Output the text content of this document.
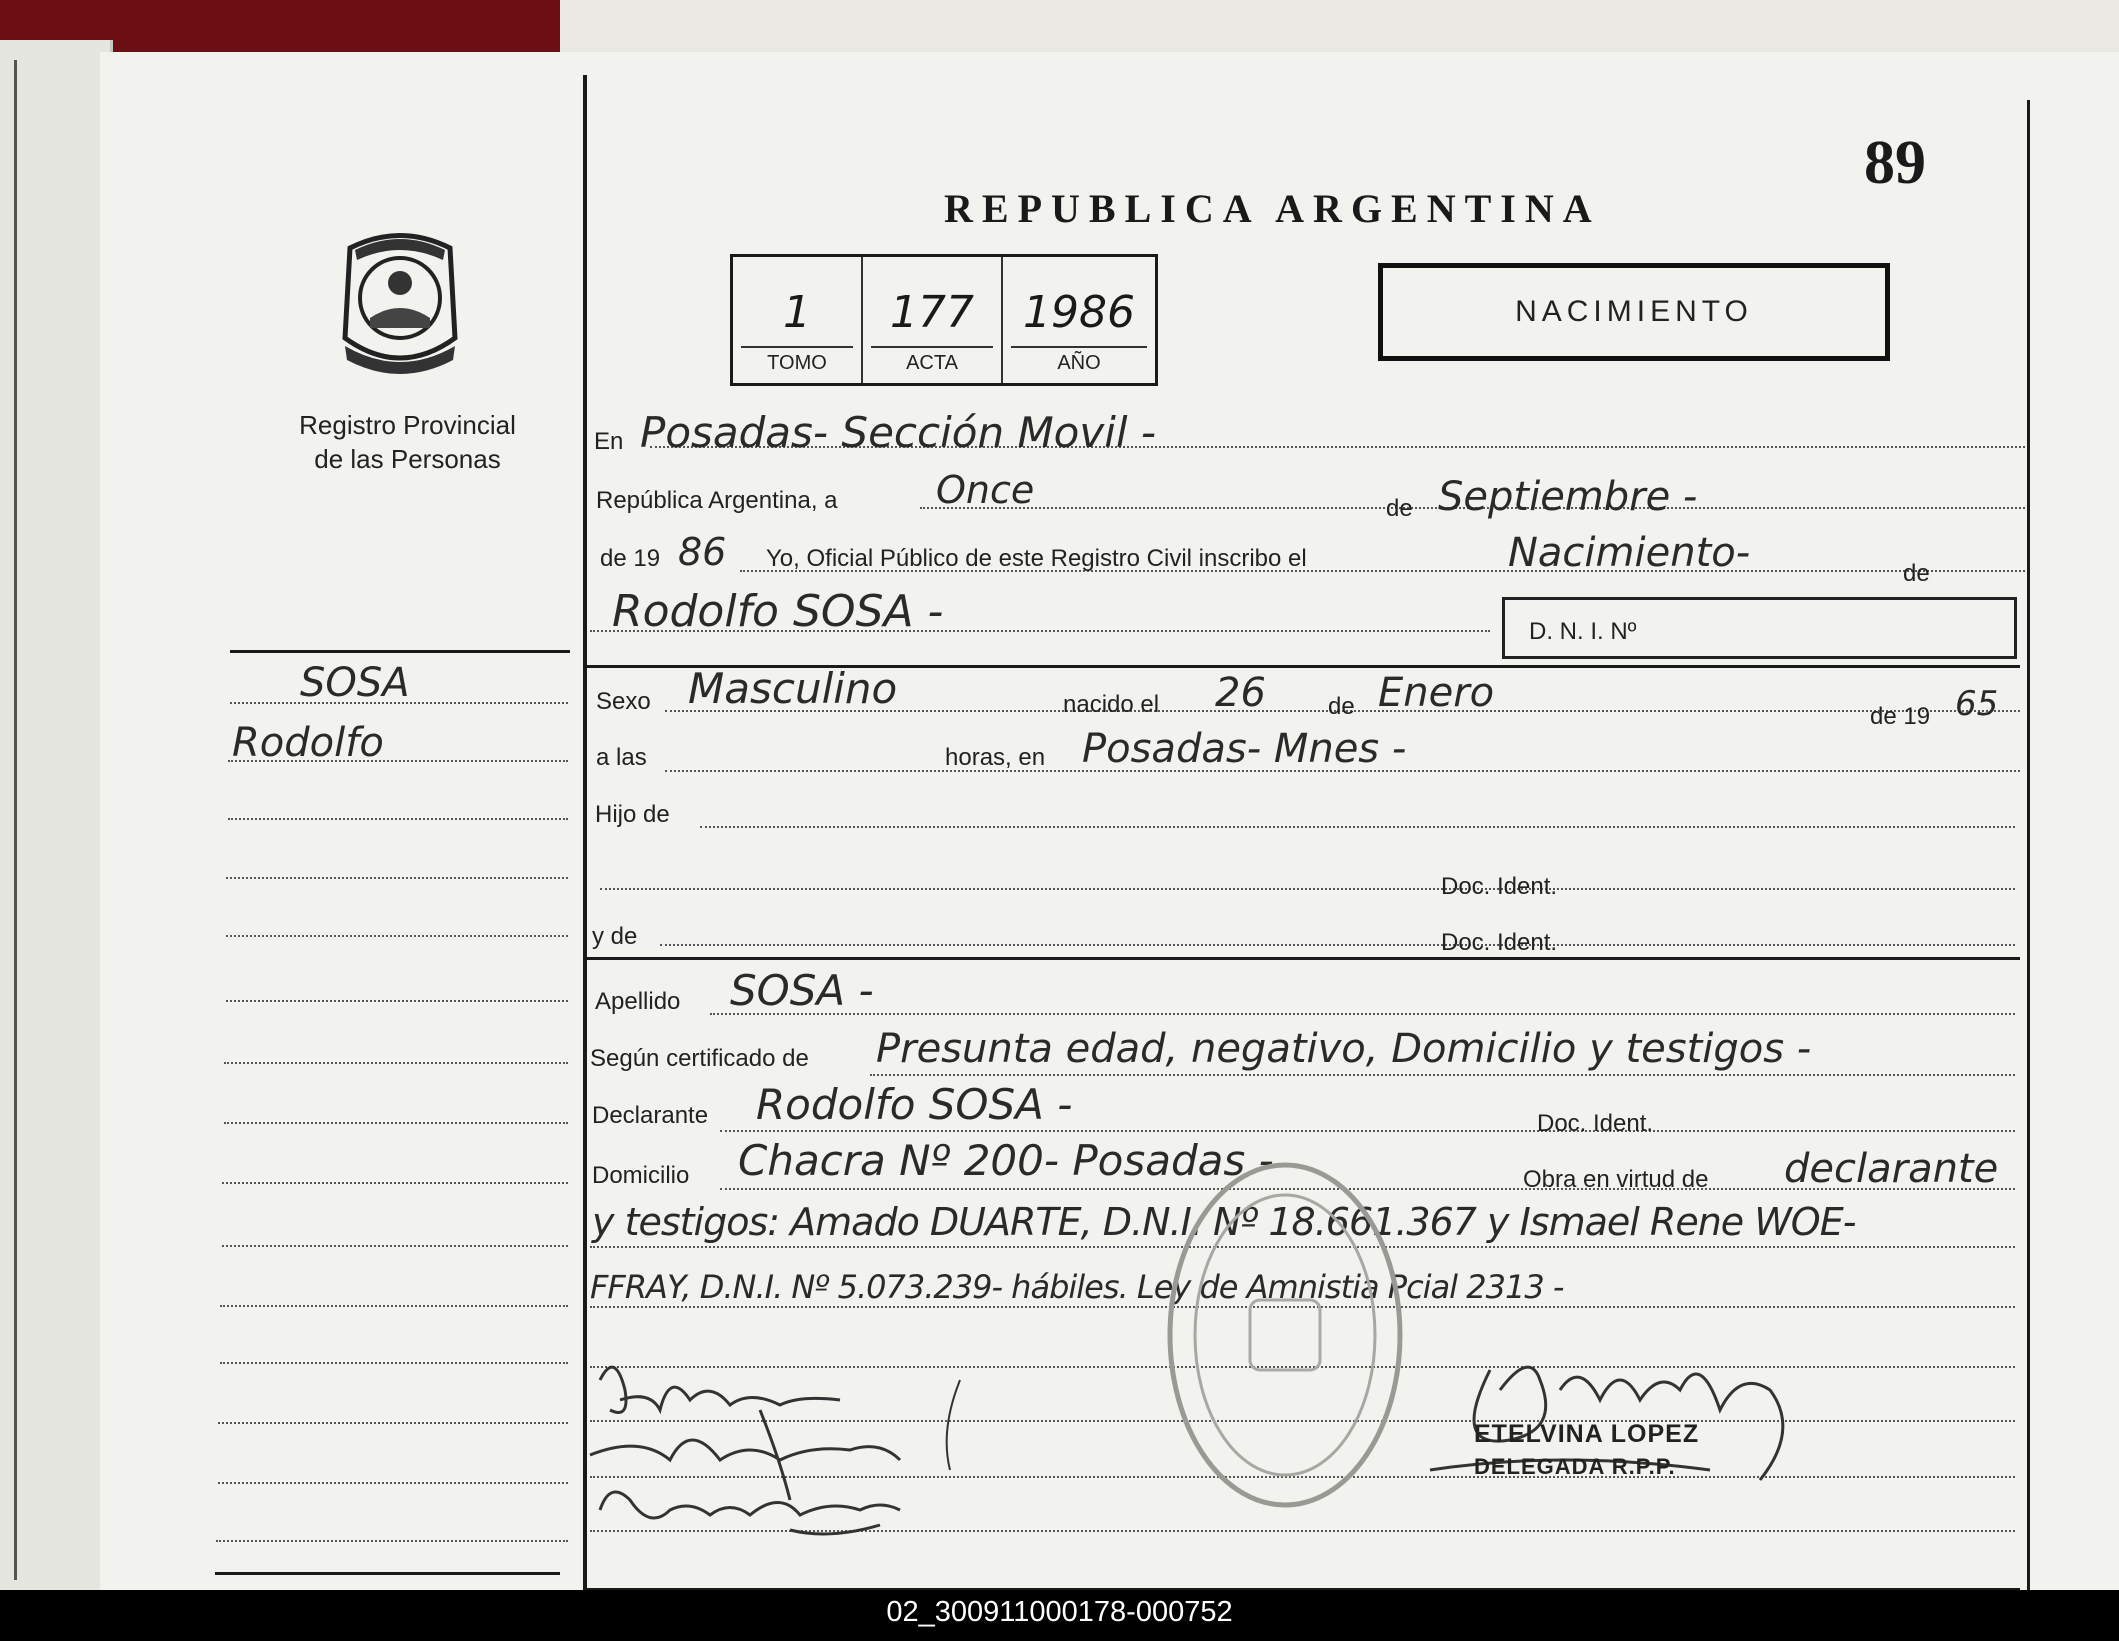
89
REPUBLICA ARGENTINA
1
TOMO
177
ACTA
1986
AÑO
NACIMIENTO
Registro Provincial
de las Personas
SOSA
Rodolfo
En Posadas- Sección Movil -
República Argentina, a	Once	de Septiembre -
de 19 86 Yo, Oficial Público de este Registro Civil inscribo el	Nacimiento-	de
Rodolfo SOSA -	D. N. I. Nº
Sexo Masculino	nacido el 26	de Enero
de 19 65
a las	horas, en Posadas- Mnes -
Hijo de
Doc. Ident.
y de	Doc. Ident.
Apellido SOSA -
Según certificado de Presunta edad, negativo, Domicilio y testigos -
Declarante Rodolfo SOSA -	Doc. Ident.
Domicilio Chacra Nº 200- Posadas -	Obra en virtud de declarante
y testigos: Amado DUARTE, D.N.I. Nº 18.661.367 y Ismael Rene WOE-
FFRAY, D.N.I. Nº 5.073.239- hábiles. Ley de Amnistia Pcial 2313 -
ETELVINA LOPEZ
DELEGADA R.P.P.
02_300911000178-000752
